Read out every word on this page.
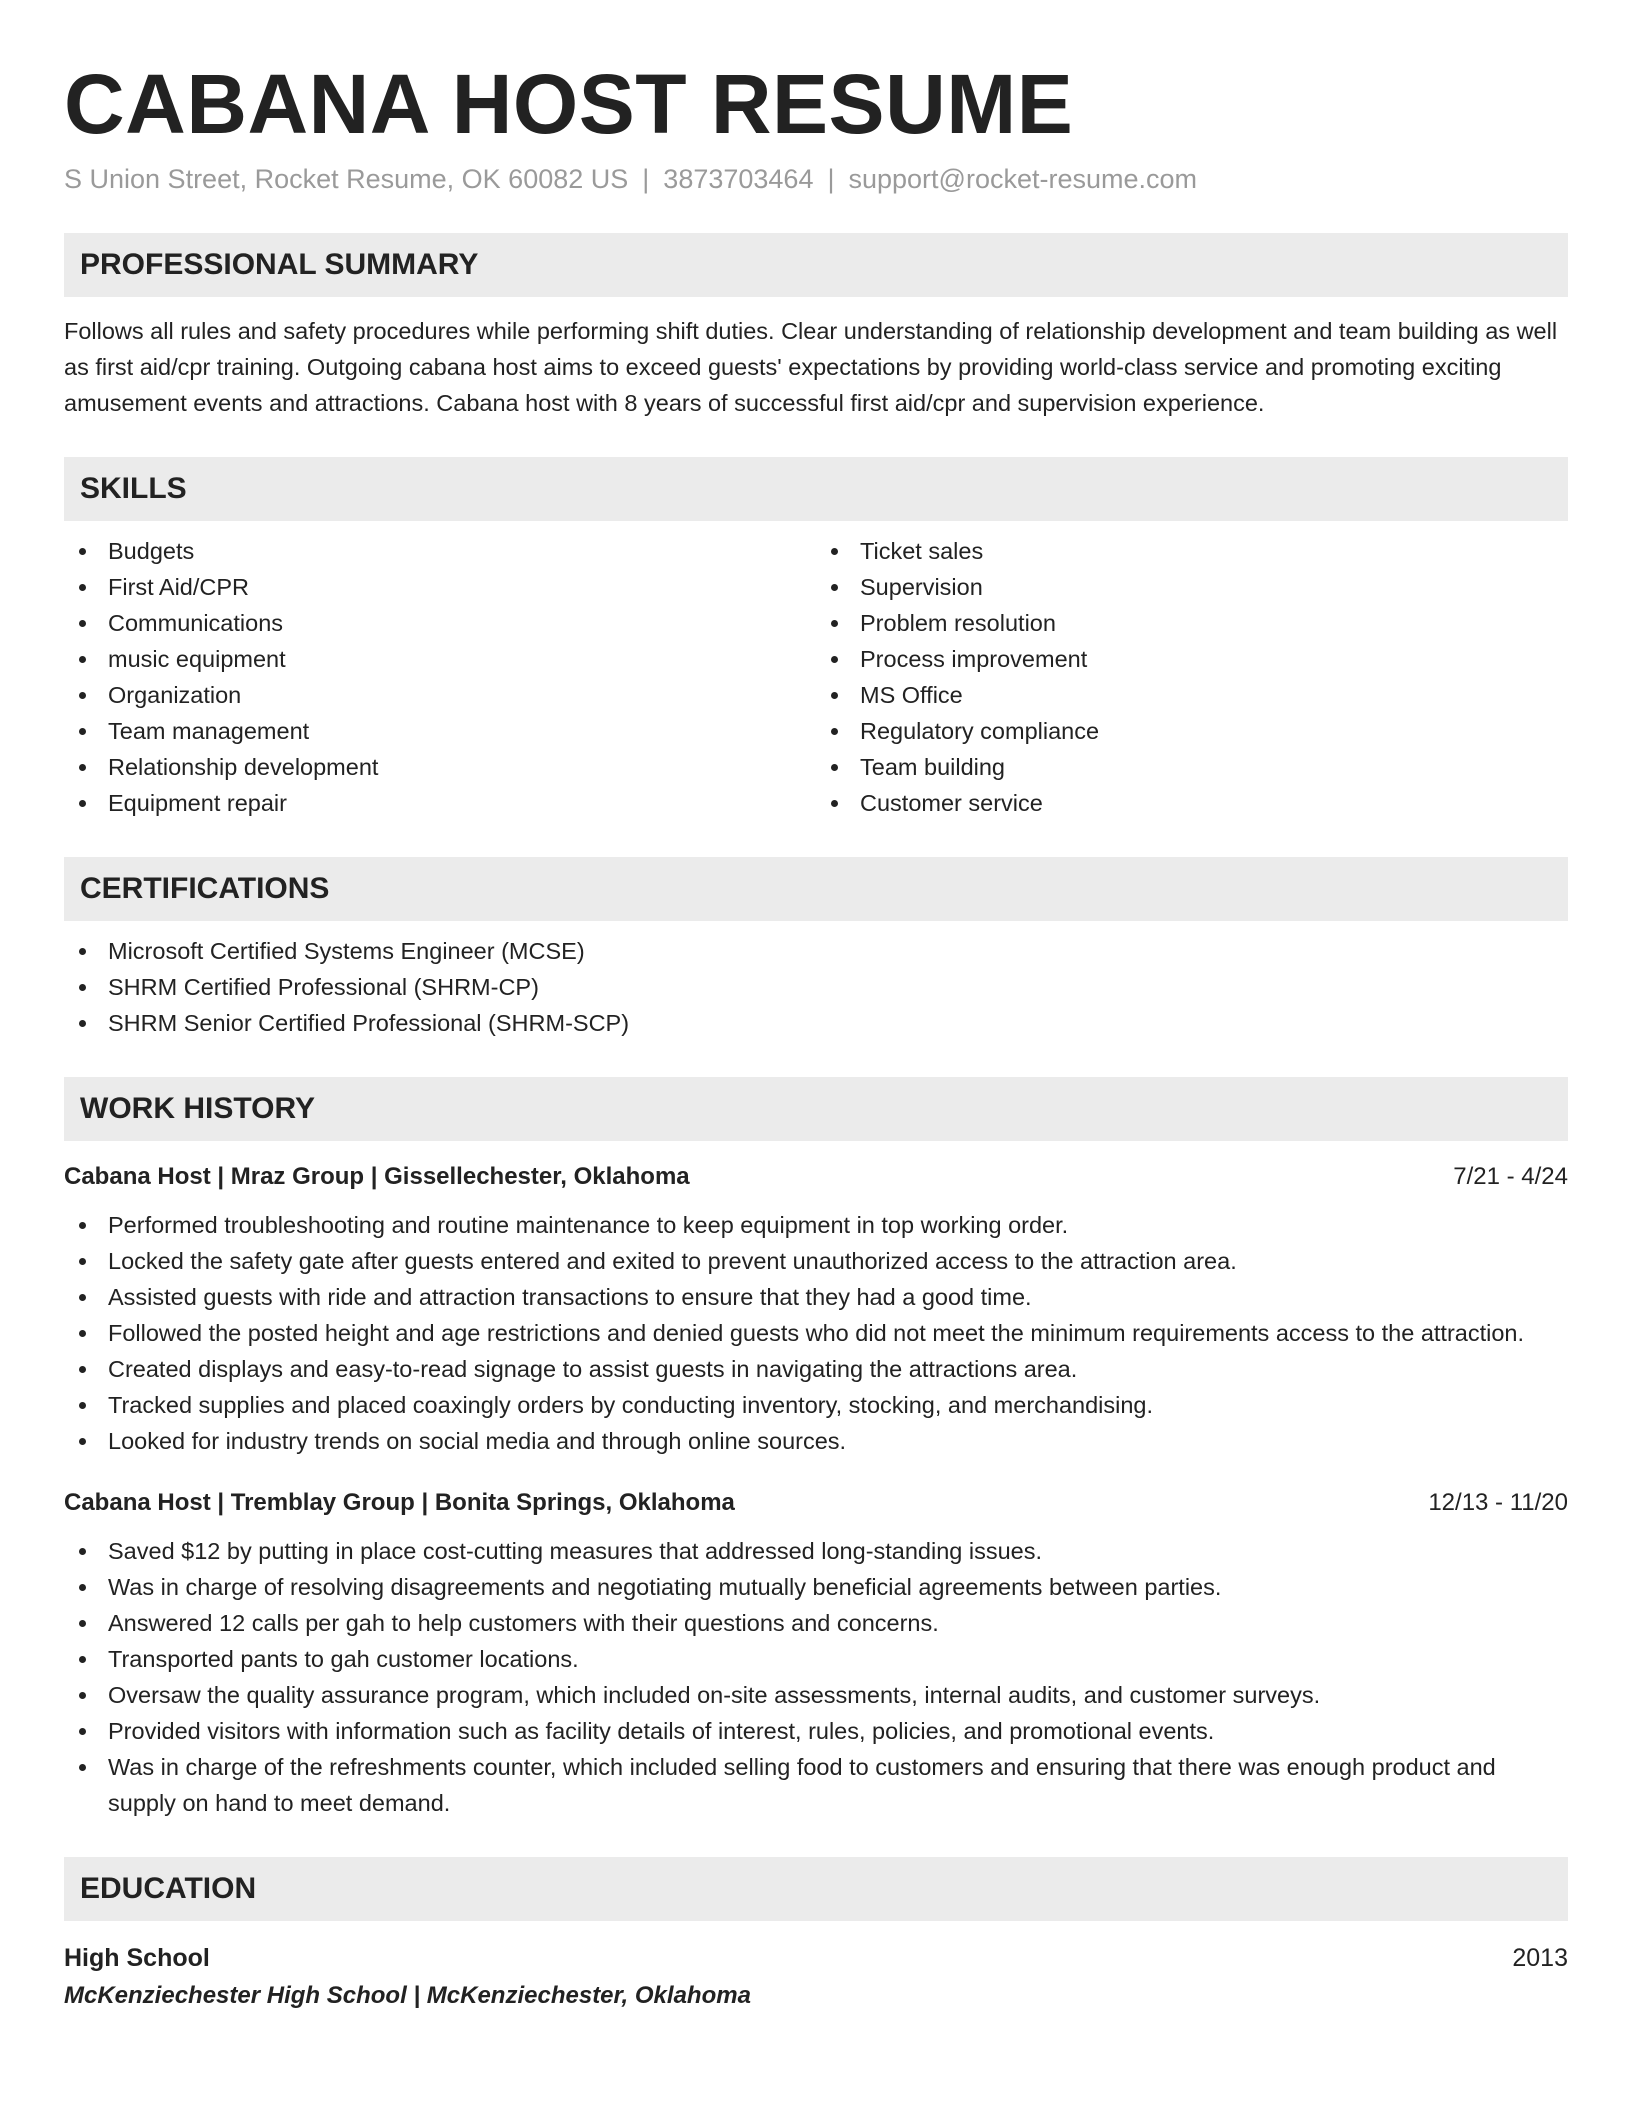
CABANA HOST RESUME
S Union Street, Rocket Resume, OK 60082 US | 3873703464 | support@rocket-resume.com
PROFESSIONAL SUMMARY
Follows all rules and safety procedures while performing shift duties. Clear understanding of relationship development and team building as well as first aid/cpr training. Outgoing cabana host aims to exceed guests' expectations by providing world-class service and promoting exciting amusement events and attractions. Cabana host with 8 years of successful first aid/cpr and supervision experience.
SKILLS
Budgets
First Aid/CPR
Communications
music equipment
Organization
Team management
Relationship development
Equipment repair
Ticket sales
Supervision
Problem resolution
Process improvement
MS Office
Regulatory compliance
Team building
Customer service
CERTIFICATIONS
Microsoft Certified Systems Engineer (MCSE)
SHRM Certified Professional (SHRM-CP)
SHRM Senior Certified Professional (SHRM-SCP)
WORK HISTORY
Cabana Host | Mraz Group | Gissellechester, Oklahoma	7/21 - 4/24
Performed troubleshooting and routine maintenance to keep equipment in top working order.
Locked the safety gate after guests entered and exited to prevent unauthorized access to the attraction area.
Assisted guests with ride and attraction transactions to ensure that they had a good time.
Followed the posted height and age restrictions and denied guests who did not meet the minimum requirements access to the attraction.
Created displays and easy-to-read signage to assist guests in navigating the attractions area.
Tracked supplies and placed coaxingly orders by conducting inventory, stocking, and merchandising.
Looked for industry trends on social media and through online sources.
Cabana Host | Tremblay Group | Bonita Springs, Oklahoma	12/13 - 11/20
Saved $12 by putting in place cost-cutting measures that addressed long-standing issues.
Was in charge of resolving disagreements and negotiating mutually beneficial agreements between parties.
Answered 12 calls per gah to help customers with their questions and concerns.
Transported pants to gah customer locations.
Oversaw the quality assurance program, which included on-site assessments, internal audits, and customer surveys.
Provided visitors with information such as facility details of interest, rules, policies, and promotional events.
Was in charge of the refreshments counter, which included selling food to customers and ensuring that there was enough product and supply on hand to meet demand.
EDUCATION
High School	2013
McKenziechester High School | McKenziechester, Oklahoma
